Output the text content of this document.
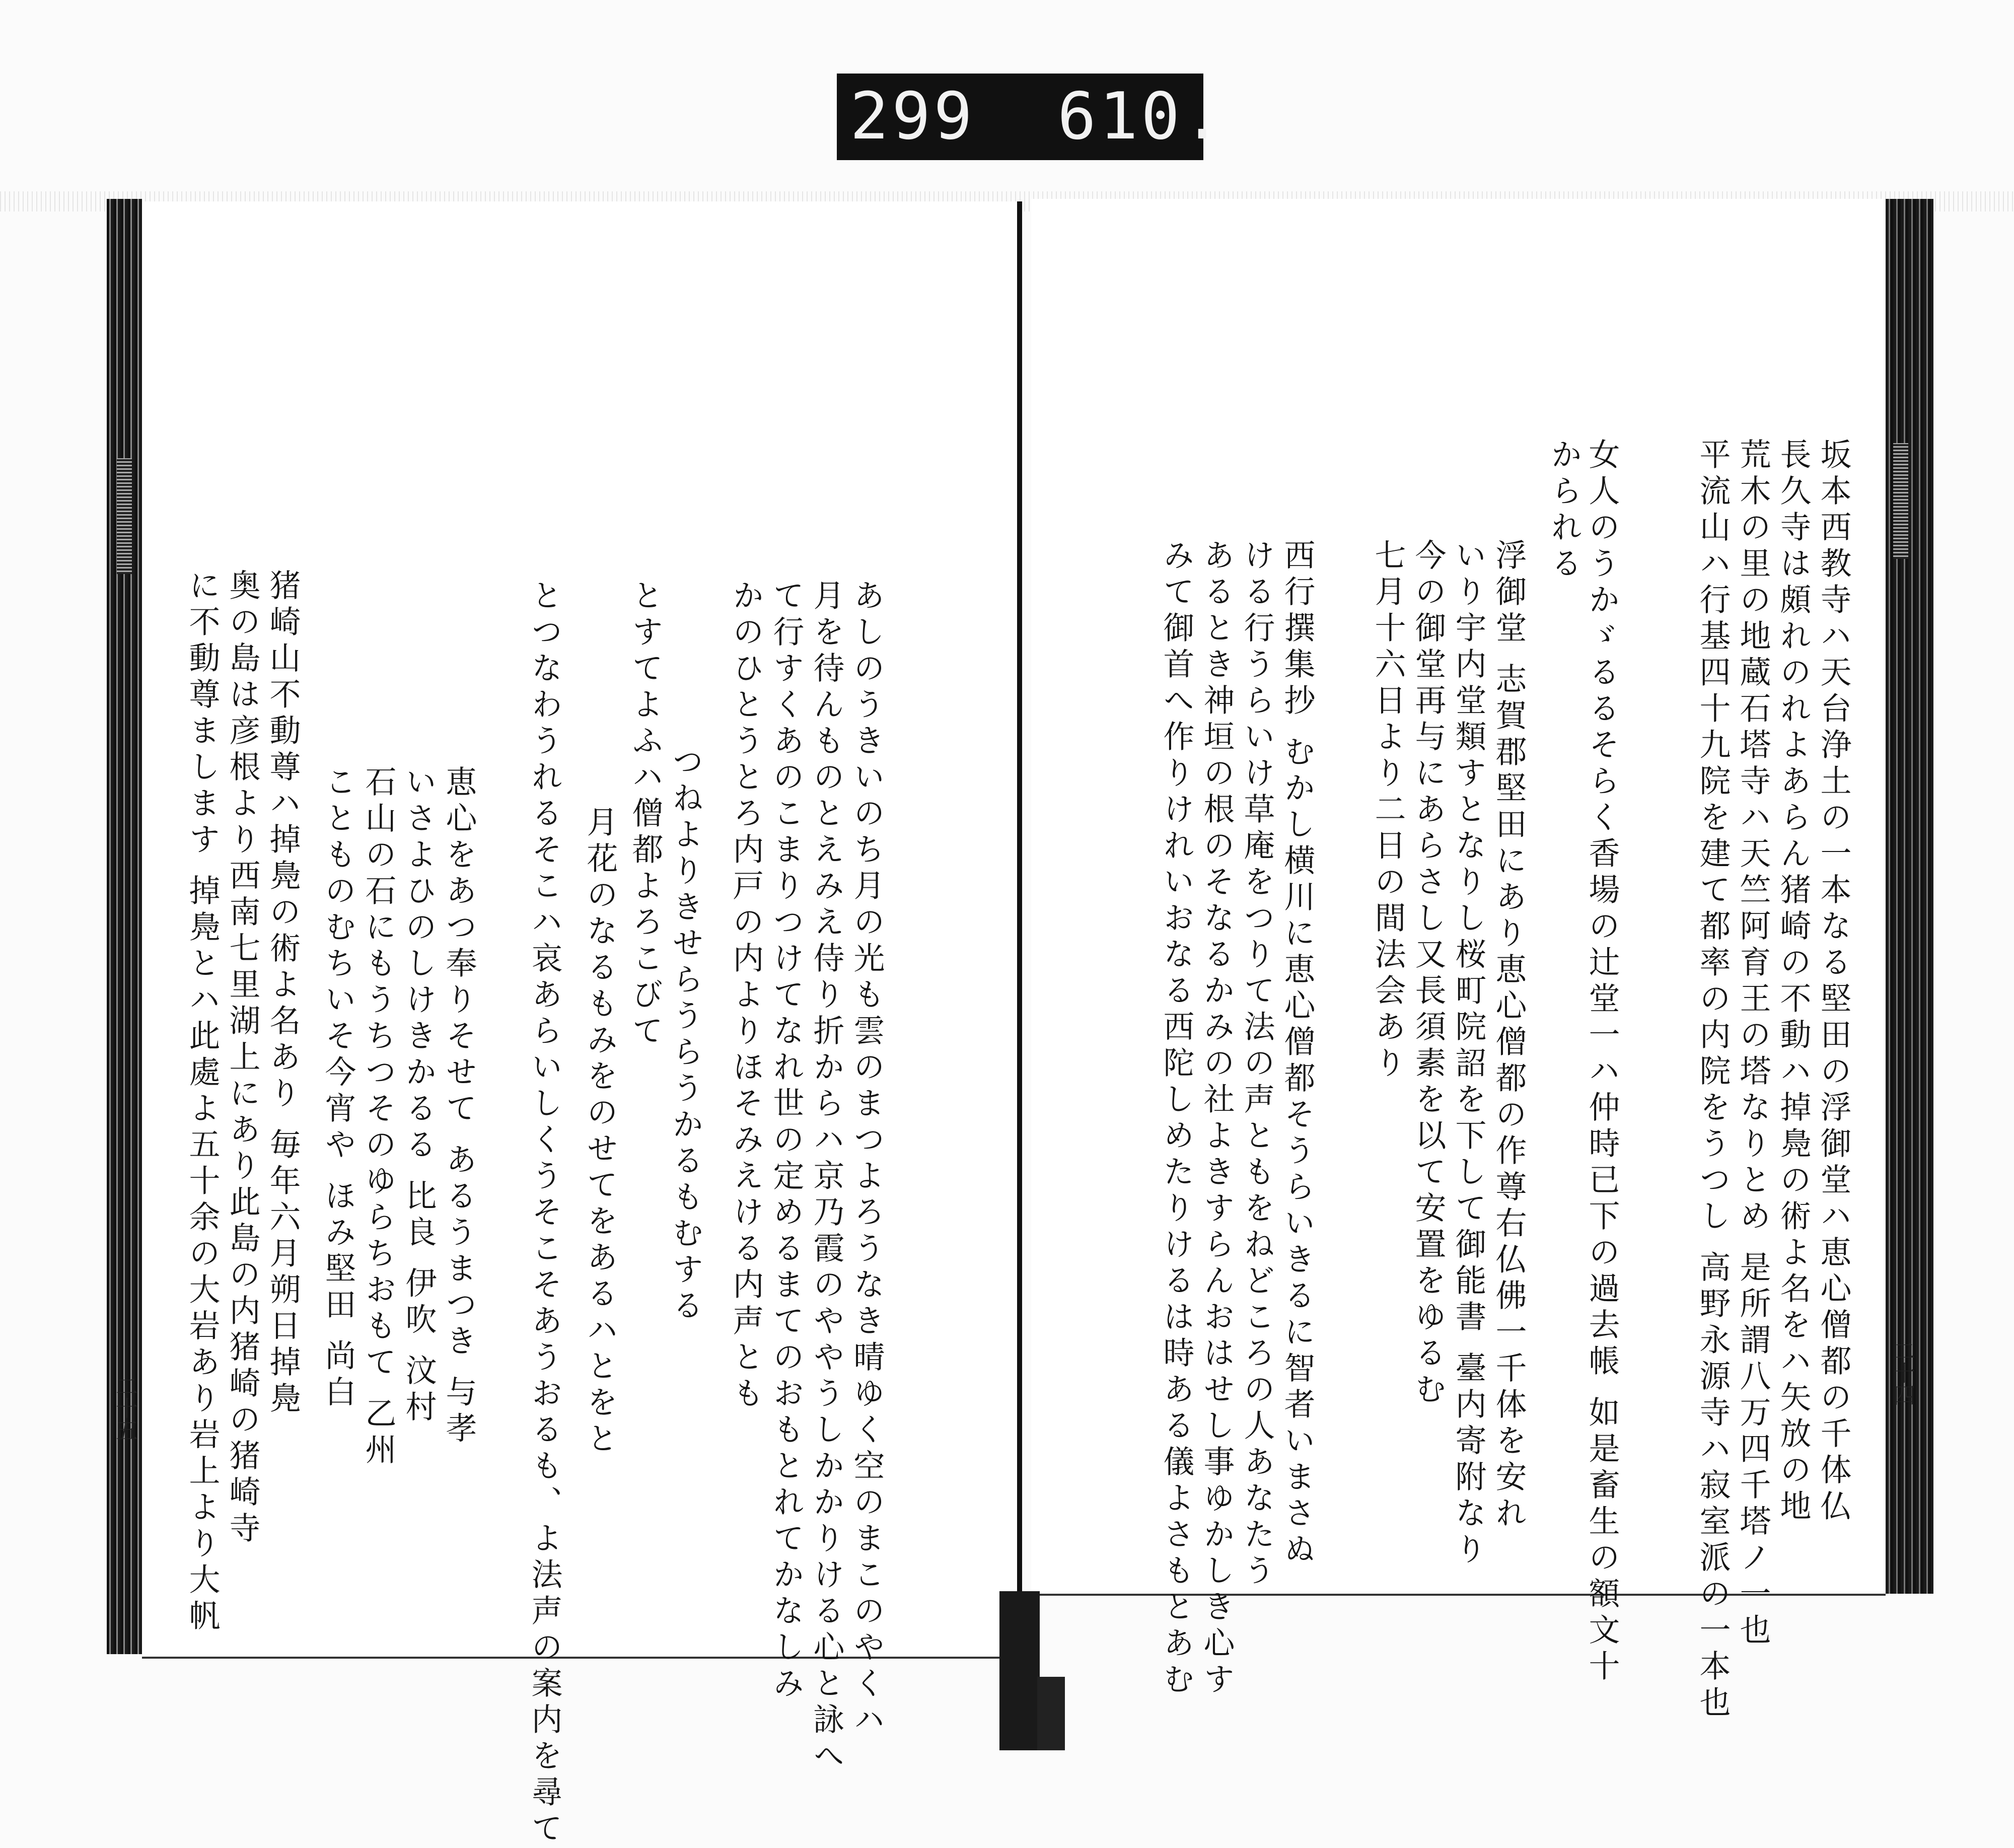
299 610.
二十四
二十五	坂本西教寺ハ天台浄土の一本なる堅田の浮御堂ハ恵心僧都の千体仏
長久寺は頗れのれよあらん猪崎の不動ハ掉鳧の術よ名をハ矢放の地
荒木の里の地蔵石塔寺ハ天竺阿育王の塔なりとめ 是所謂八万四千塔ノ一也
平流山ハ行基四十九院を建て都率の内院をうつし 高野永源寺ハ寂室派の一本也
女人のうかゞるるそらく香場の辻堂一ハ仲時已下の過去帳 如是畜生の額文十
かられる
浮御堂 志賀郡堅田にあり恵心僧都の作尊右仏佛一千体を安れ
いり宇内堂類すとなりし桜町院詔を下して御能書 臺内寄附なり
今の御堂再与にあらさし又長須素を以て安置をゆるむ
七月十六日より二日の間法会あり
西行撰集抄 むかし横川に恵心僧都そうらいきるに智者いまさぬ
ける行うらいけ草庵をつりて法の声ともをねどころの人あなたう
あるとき神垣の根のそなるかみの社よきすらんおはせし事ゆかしき心す
みて御首へ作りけれいおなる西陀しめたりけるは時ある儀よさもとあむ
あしのうきいのち月の光も雲のまつよろうなき晴ゆく空のまこのやくハ
月を待んものとえみえ侍り折からハ京乃霞のややうしかかりける心と詠へ
て行すくあのこまりつけてなれ世の定めるまてのおもとれてかなしみ
かのひとうとろ内戸の内よりほそみえける内声とも
つねよりきせらうらうかるもむする
とすてよふハ僧都よろこびて
月花のなるもみをのせてをあるハとをと
とつなわうれるそこハ哀あらいしくうそこそあうおるも、よ法声の案内を尋て
恵心をあつ奉りそせて あるうまつき 与孝
いさよひのしけきかるる 比良 伊吹 汶村
石山の石にもうちつそのゆらちおもて 乙州
ことものむちいそ今宵や ほみ堅田 尚白
猪崎山不動尊ハ掉鳧の術よ名あり 毎年六月朔日掉鳧
奥の島は彦根より西南七里湖上にあり此島の内猪崎の猪崎寺
に不動尊まします 掉鳧とハ此處よ五十余の大岩あり岩上より大帆
